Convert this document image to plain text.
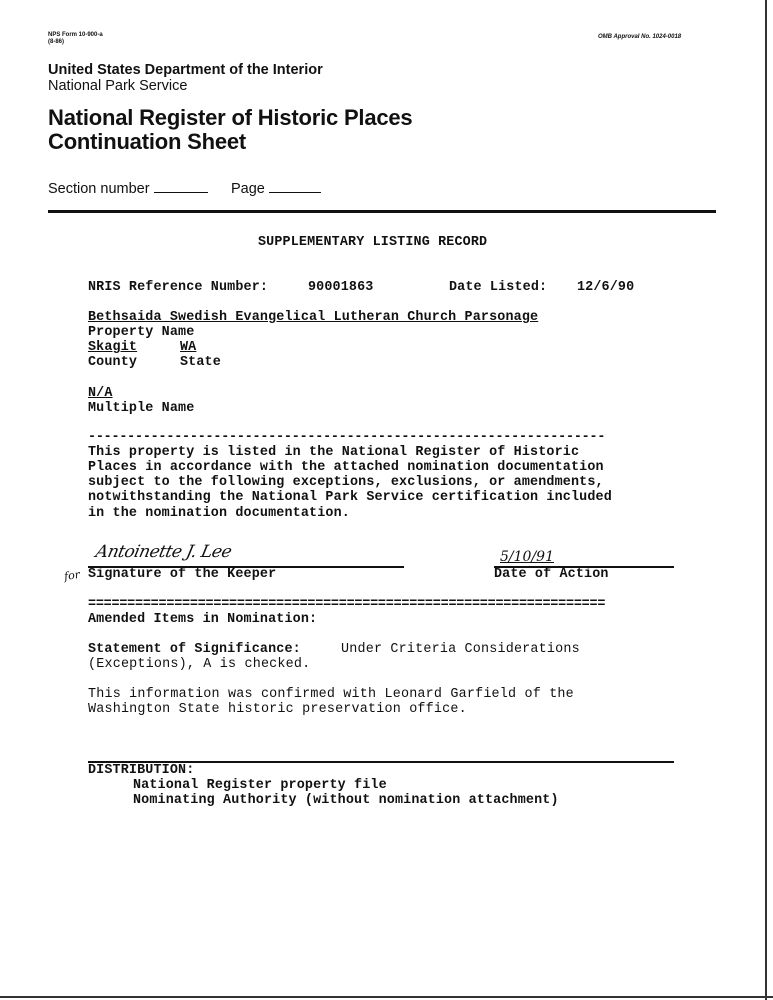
NPS Form 10-900-a
(8-86)
OMB Approval No. 1024-0018
United States Department of the Interior
National Park Service
National Register of Historic Places
Continuation Sheet
Section number	Page
SUPPLEMENTARY LISTING RECORD
NRIS Reference Number:	90001863	Date Listed: 12/6/90
Bethsaida Swedish Evangelical Lutheran Church Parsonage
Property Name
Skagit	WA
County	State
N/A
Multiple Name
------------------------------------------------------------------
This property is listed in the National Register of Historic
Places in accordance with the attached nomination documentation
subject to the following exceptions, exclusions, or amendments,
notwithstanding the National Park Service certification included
in the nomination documentation.
Antoinette J. Lee
for Signature of the Keeper
5/10/91
Date of Action
==================================================================
Amended Items in Nomination:
Statement of Significance:	Under Criteria Considerations
(Exceptions), A is checked.
This information was confirmed with Leonard Garfield of the
Washington State historic preservation office.
DISTRIBUTION:
National Register property file
Nominating Authority (without nomination attachment)
